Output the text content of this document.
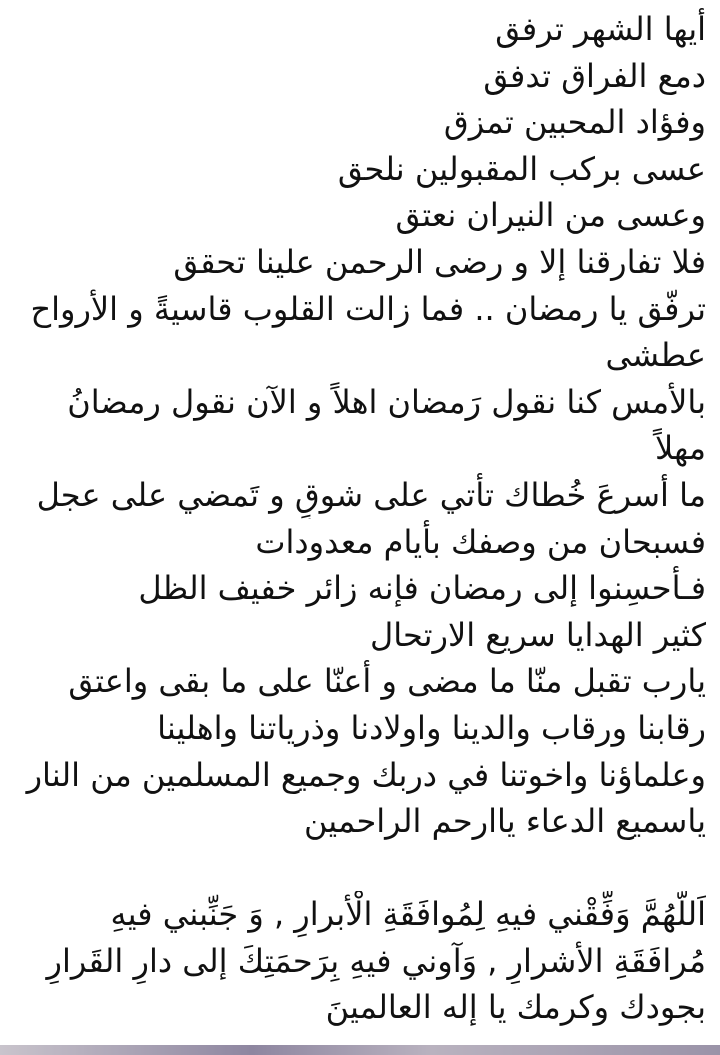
أيها الشهر ترفق
دمع الفراق تدفق
وفؤاد المحبين تمزق
عسى بركب المقبولين نلحق
وعسى من النيران نعتق
فلا تفارقنا إلا و رضى الرحمن علينا تحقق
ترفّق يا رمضان .. فما زالت القلوب قاسيةً و الأرواح
عطشى
بالأمس كنا نقول رَمضان اهلاً و الآن نقول رمضانُ
مهلاً
ما أسرعَ خُطاك تأتي على شوقٍ و تَمضي على عجل
فسبحان من وصفك بأيام معدودات
فـأحسِنوا إلى رمضان فإنه زائر خفيف الظل
كثير الهدايا سريع الارتحال
يارب تقبل منّا ما مضى و أعنّا على ما بقى واعتق
رقابنا ورقاب والدينا واولادنا وذرياتنا واهلينا
وعلماؤنا واخوتنا في دربك وجميع المسلمين من النار
ياسميع الدعاء ياارحم الراحمين
اَللّهُمَّ وَفِّقْني فيهِ لِمُوافَقَةِ الْأبرارِ , وَ جَنِّبني فيهِ
مُرافَقَةِ الأشرارِ , وَآوني فيهِ بِرَحمَتِكَ إلى دارِ القَرارِ
بجودك وكرمك يا إله العالمينَ
